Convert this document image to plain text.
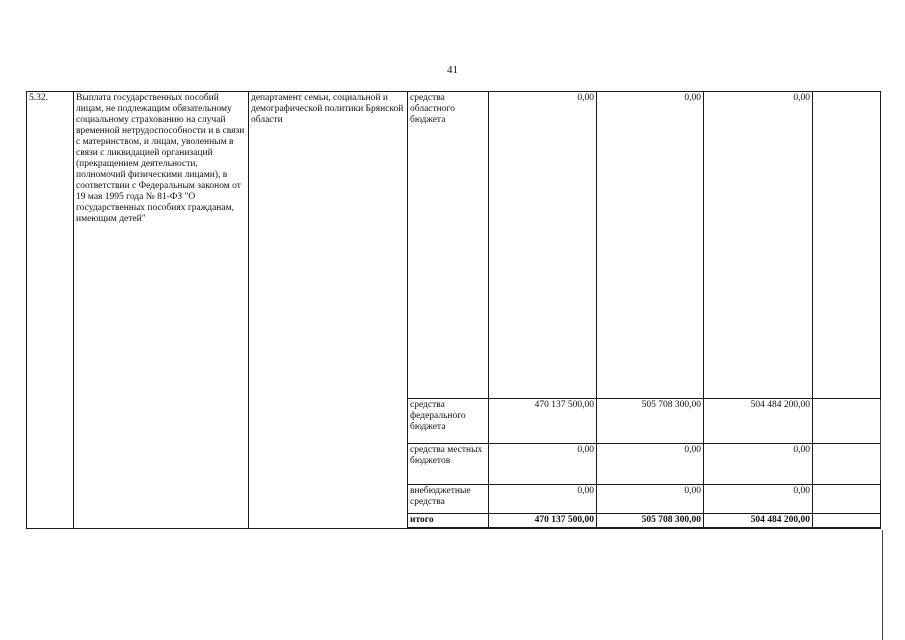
41
5.32.	Выплата государственных пособий лицам, не подлежащим обязательному социальному страхованию на случай временной нетрудоспособности и в связи с материнством, и лицам, уволенным в связи с ликвидацией организаций (прекращением деятельности, полномочий физическими лицами), в соответствии с Федеральным законом от 19 мая 1995 года № 81-ФЗ "О государственных пособиях гражданам, имеющим детей"	департамент семьи, социальной и демографической политики Брянской области	средства областного бюджета	0,00	0,00	0,00	
			средства федерального бюджета	470 137 500,00	505 708 300,00	504 484 200,00	
			средства местных бюджетов	0,00	0,00	0,00	
			внебюджетные средства	0,00	0,00	0,00	
			итого	470 137 500,00	505 708 300,00	504 484 200,00	
